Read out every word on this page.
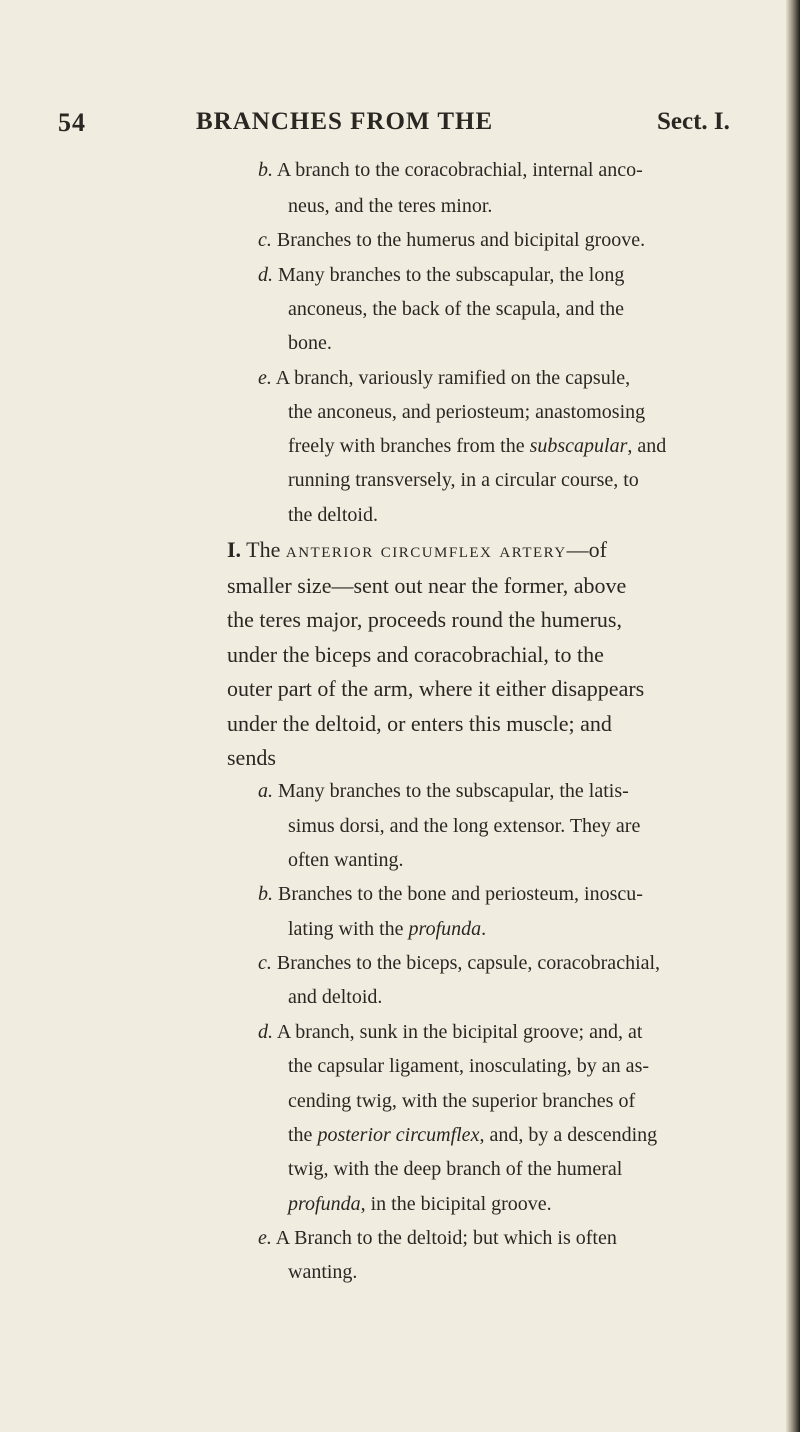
54	BRANCHES FROM THE	Sect. I.
b. A branch to the coracobrachial, internal anco-
neus, and the teres minor.
c. Branches to the humerus and bicipital groove.
d. Many branches to the subscapular, the long
anconeus, the back of the scapula, and the
bone.
e. A branch, variously ramified on the capsule,
the anconeus, and periosteum; anastomosing
freely with branches from the subscapular, and
running transversely, in a circular course, to
the deltoid.
I. The anterior circumflex artery—of
smaller size—sent out near the former, above
the teres major, proceeds round the humerus,
under the biceps and coracobrachial, to the
outer part of the arm, where it either disappears
under the deltoid, or enters this muscle; and
sends
a. Many branches to the subscapular, the latis-
simus dorsi, and the long extensor. They are
often wanting.
b. Branches to the bone and periosteum, inoscu-
lating with the profunda.
c. Branches to the biceps, capsule, coracobrachial,
and deltoid.
d. A branch, sunk in the bicipital groove; and, at
the capsular ligament, inosculating, by an as-
cending twig, with the superior branches of
the posterior circumflex, and, by a descending
twig, with the deep branch of the humeral
profunda, in the bicipital groove.
e. A Branch to the deltoid; but which is often
wanting.
